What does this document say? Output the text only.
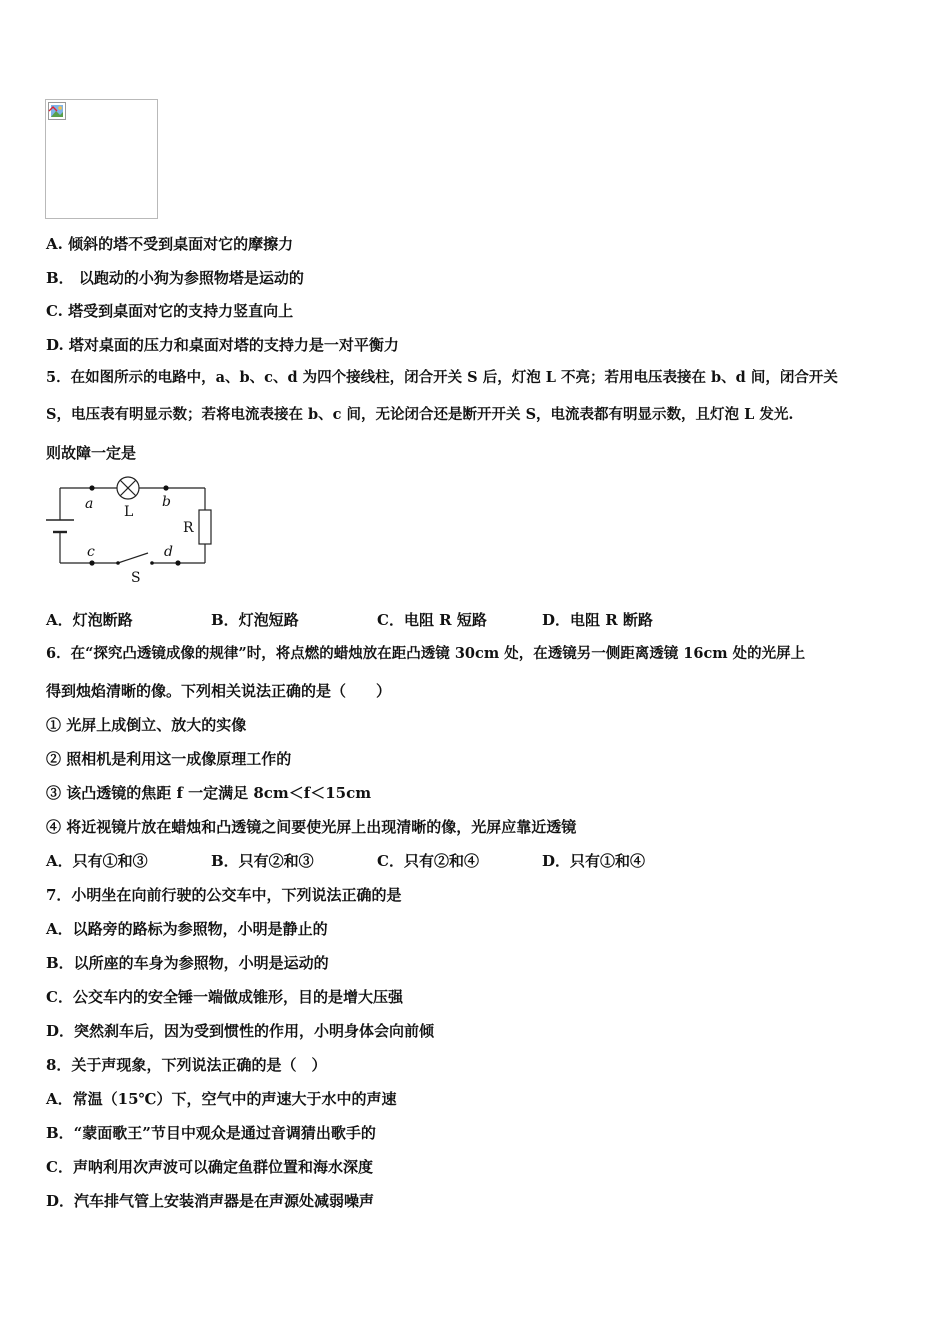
A. 倾斜的塔不受到桌面对它的摩擦力
B． 以跑动的小狗为参照物塔是运动的
C. 塔受到桌面对它的支持力竖直向上
D. 塔对桌面的压力和桌面对塔的支持力是一对平衡力
5．在如图所示的电路中，a、b、c、d 为四个接线柱，闭合开关 S 后，灯泡 L 不亮；若用电压表接在 b、d 间，闭合开关
S，电压表有明显示数；若将电流表接在 b、c 间，无论闭合还是断开开关 S，电流表都有明显示数，且灯泡 L 发光.
则故障一定是
a	b
L
R
c	d
S
A．灯泡断路	B．灯泡短路	C．电阻 R 短路	D．电阻 R 断路
6．在“探究凸透镜成像的规律”时，将点燃的蜡烛放在距凸透镜 30cm 处，在透镜另一侧距离透镜 16cm 处的光屏上
得到烛焰清晰的像。下列相关说法正确的是（　　）
① 光屏上成倒立、放大的实像
② 照相机是利用这一成像原理工作的
③ 该凸透镜的焦距 f 一定满足 8cm＜f＜15cm
④ 将近视镜片放在蜡烛和凸透镜之间要使光屏上出现清晰的像，光屏应靠近透镜
A．只有①和③	B．只有②和③	C．只有②和④	D．只有①和④
7．小明坐在向前行驶的公交车中，下列说法正确的是
A．以路旁的路标为参照物，小明是静止的
B．以所座的车身为参照物，小明是运动的
C．公交车内的安全锤一端做成锥形，目的是增大压强
D．突然刹车后，因为受到惯性的作用，小明身体会向前倾
8．关于声现象，下列说法正确的是（　）
A．常温（15℃）下，空气中的声速大于水中的声速
B．“蒙面歌王”节目中观众是通过音调猜出歌手的
C．声呐利用次声波可以确定鱼群位置和海水深度
D．汽车排气管上安装消声器是在声源处减弱噪声
